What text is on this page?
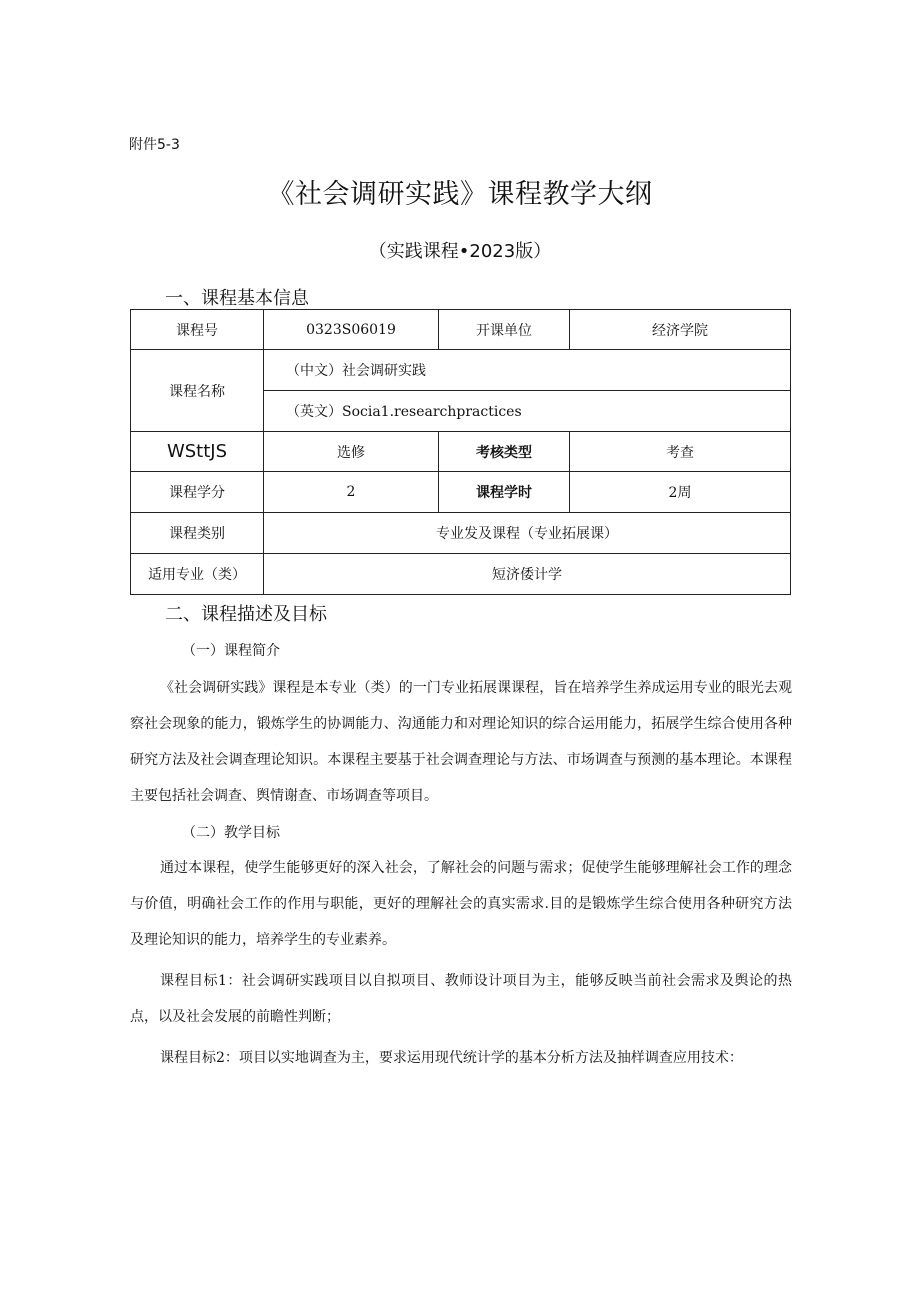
附件5-3
《社会调研实践》课程教学大纲
（实践课程•2023版）
一、课程基本信息
课程号	0323S06019	开课单位	经济学院
课程名称	（中文）社会调研实践		
	（英文）Socia1.researchpractices		
WSttJS	选修	考核类型	考查
课程学分	2	课程学时	2周
课程类别	专业发及课程（专业拓展课）		
适用专业（类）	短济倭计学		
二、课程描述及目标
（一）课程简介

《社会调研实践》课程是本专业（类）的一门专业拓展课课程，旨在培养学生养成运用专业的眼光去观察社会现象的能力，锻炼学生的协调能力、沟通能力和对理论知识的综合运用能力，拓展学生综合使用各种研究方法及社会调查理论知识。本课程主要基于社会调查理论与方法、市场调查与预测的基本理论。本课程主要包括社会调查、舆情谢查、市场调查等项目。

（二）教学目标

通过本课程，使学生能够更好的深入社会，了解社会的问题与需求；促使学生能够理解社会工作的理念与价值，明确社会工作的作用与职能，更好的理解社会的真实需求.目的是锻炼学生综合使用各种研究方法及理论知识的能力，培养学生的专业素养。

课程目标1：社会调研实践项目以自拟项目、教师设计项目为主，能够反映当前社会需求及舆论的热点，以及社会发展的前瞻性判断；

课程目标2：项目以实地调查为主，要求运用现代统计学的基本分析方法及抽样调查应用技术：
